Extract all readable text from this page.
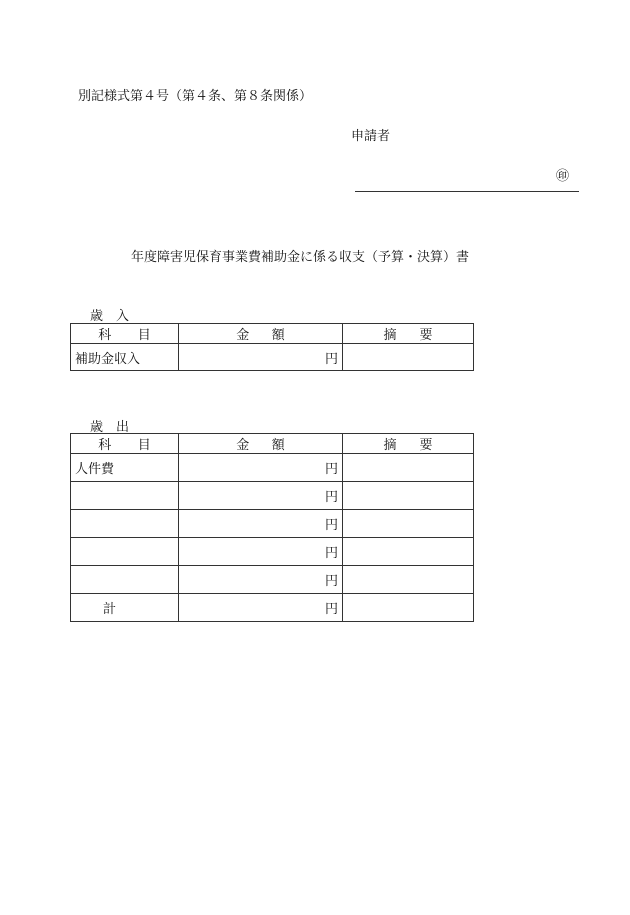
別記様式第４号（第４条、第８条関係）
申請者
㊞
年度障害児保育事業費補助金に係る収支（予算・決算）書
歳　入
科 目	金 額	摘 要

補助金収入	円	
歳　出
科 目	金 額	摘 要

人件費	円	
	円	
	円	
	円	
	円	
計	円	
